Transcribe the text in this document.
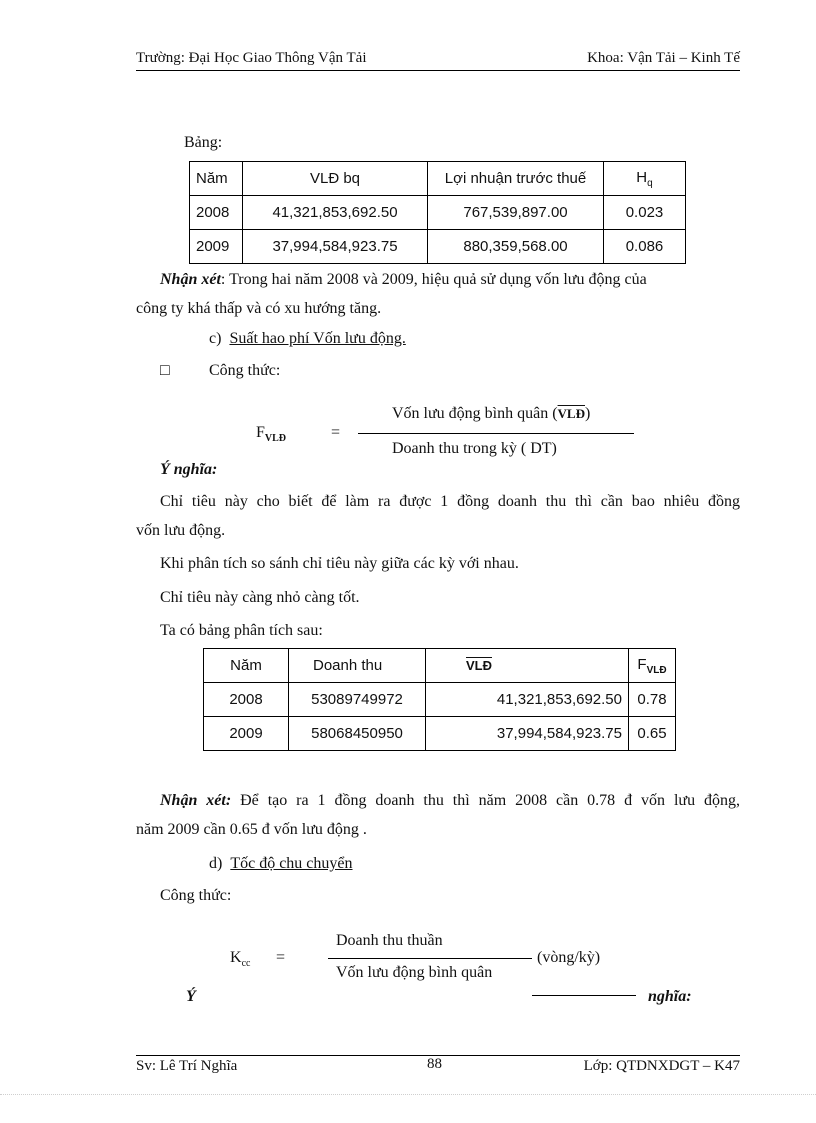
Trường: Đại Học Giao Thông Vận Tải	Khoa: Vận Tải – Kinh Tế
Bảng:
Năm	VLĐ bq	Lợi nhuận trước thuế	$H_q$
2008	41,321,853,692.50	767,539,897.00	0.023
2009	37,994,584,923.75	880,359,568.00	0.086
Nhận xét: Trong hai năm 2008 và 2009, hiệu quả sử dụng vốn lưu động của
công ty khá thấp và có xu hướng tăng.
c) Suất hao phí Vốn lưu động.
□ Công thức:
Vốn lưu động bình quân $(\overline{VLĐ})$
$F_{VLĐ}$	=
Doanh thu trong kỳ ( DT)
Ý nghĩa:
Chỉ tiêu này cho biết để làm ra được 1 đồng doanh thu thì cần bao nhiêu đồng
vốn lưu động.
Khi phân tích so sánh chỉ tiêu này giữa các kỳ với nhau.
Chỉ tiêu này càng nhỏ càng tốt.
Ta có bảng phân tích sau:
Năm	Doanh thu	$\overline{VLĐ}$	$F_{VLĐ}$
2008	53089749972	41,321,853,692.50	0.78
2009	58068450950	37,994,584,923.75	0.65
Nhận xét: Để tạo ra 1 đồng doanh thu thì năm 2008 cần 0.78 đ vốn lưu động,
năm 2009 cần 0.65 đ vốn lưu động .
d) Tốc độ chu chuyển
Công thức:
Doanh thu thuần
$K_{cc}$ =	(vòng/kỳ)
Vốn lưu động bình quân
Ý	nghĩa:
Sv: Lê Trí Nghĩa	88	Lớp: QTDNXDGT – K47
